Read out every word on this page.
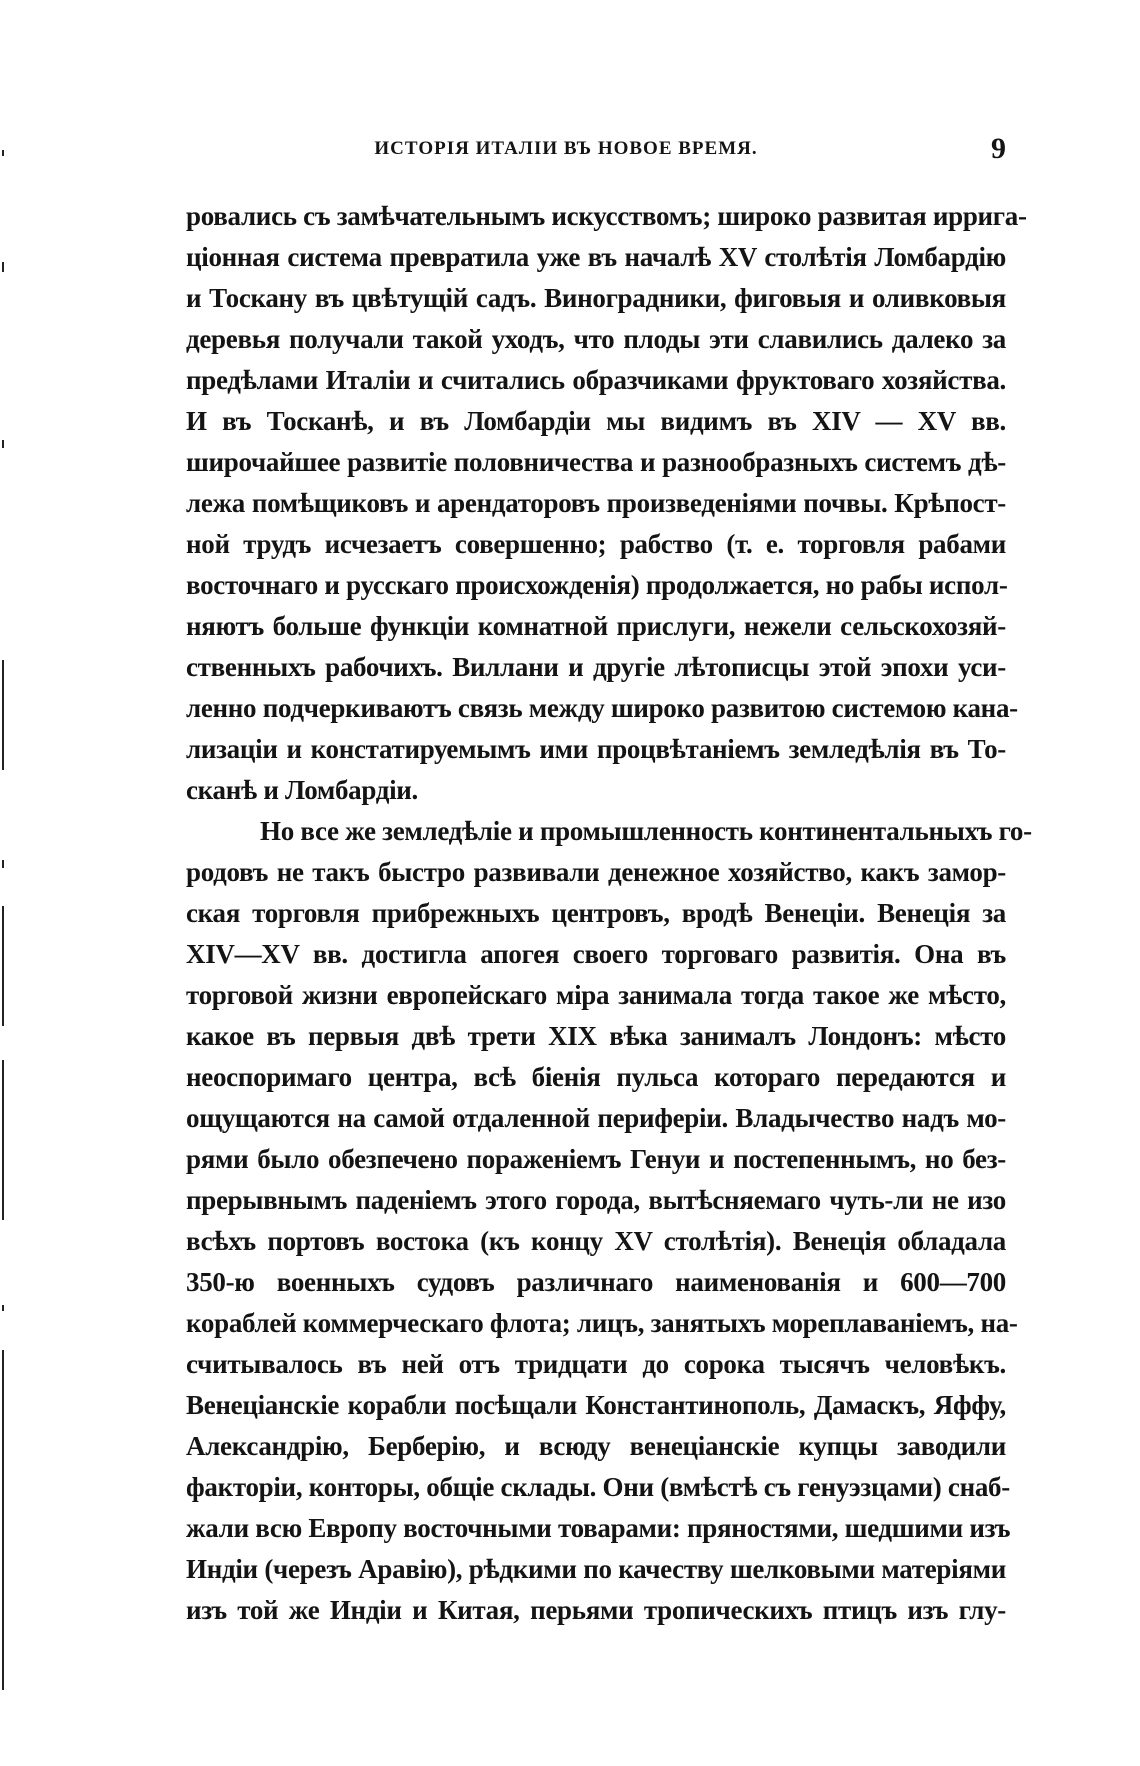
ИСТОРІЯ ИТАЛІИ ВЪ НОВОЕ ВРЕМЯ.	9
ровались съ замѣчательнымъ искусствомъ; широко развитая ирригa-
ціонная система превратила уже въ началѣ XV столѣтія Ломбардію
и Тоскану въ цвѣтущій садъ. Виноградники, фиговыя и оливковыя
деревья получали такой уходъ, что плоды эти славились далеко за
предѣлами Италіи и считались образчиками фруктоваго хозяйства.
И въ Тосканѣ, и въ Ломбардіи мы видимъ въ XIV — XV вв.
широчайшее развитіе половничества и разнообразныхъ системъ дѣ-
лежа помѣщиковъ и арендаторовъ произведеніями почвы. Крѣпост-
ной трудъ исчезаетъ совершенно; рабство (т. е. торговля рабами
восточнаго и русскаго происхожденія) продолжается, но рабы испол-
няютъ больше функціи комнатной прислуги, нежели сельскохозяй-
ственныхъ рабочихъ. Виллани и другіе лѣтописцы этой эпохи уси-
ленно подчеркиваютъ связь между широко развитою системою кана-
лизаціи и констатируемымъ ими процвѣтаніемъ земледѣлія въ То-
сканѣ и Ломбардіи.
Но все же земледѣліе и промышленность континентальныхъ го-
родовъ не такъ быстро развивали денежное хозяйство, какъ замор-
ская торговля прибрежныхъ центровъ, вродѣ Венеціи. Венеція за
XIV—XV вв. достигла апогея своего торговаго развитія. Она въ
торговой жизни европейскаго міра занимала тогда такое же мѣсто,
какое въ первыя двѣ трети XIX вѣка занималъ Лондонъ: мѣсто
неоспоримаго центра, всѣ біенія пульса котораго передаются и
ощущаются на самой отдаленной периферіи. Владычество надъ мо-
рями было обезпечено пораженіемъ Генуи и постепеннымъ, но без-
прерывнымъ паденіемъ этого города, вытѣсняемаго чуть-ли не изо
всѣхъ портовъ востока (къ концу XV столѣтія). Венеція обладала
350-ю военныхъ судовъ различнаго наименованія и 600—700
кораблей коммерческаго флота; лицъ, занятыхъ мореплаваніемъ, на-
считывалось въ ней отъ тридцати до сорока тысячъ человѣкъ.
Венеціанскіе корабли посѣщали Константинополь, Дамаскъ, Яффу,
Александрію, Берберію, и всюду венеціанскіе купцы заводили
факторіи, конторы, общіе склады. Они (вмѣстѣ съ генуэзцами) снаб-
жали всю Европу восточными товарами: пряностями, шедшими изъ
Индіи (черезъ Аравію), рѣдкими по качеству шелковыми матеріями
изъ той же Индіи и Китая, перьями тропическихъ птицъ изъ глу-
